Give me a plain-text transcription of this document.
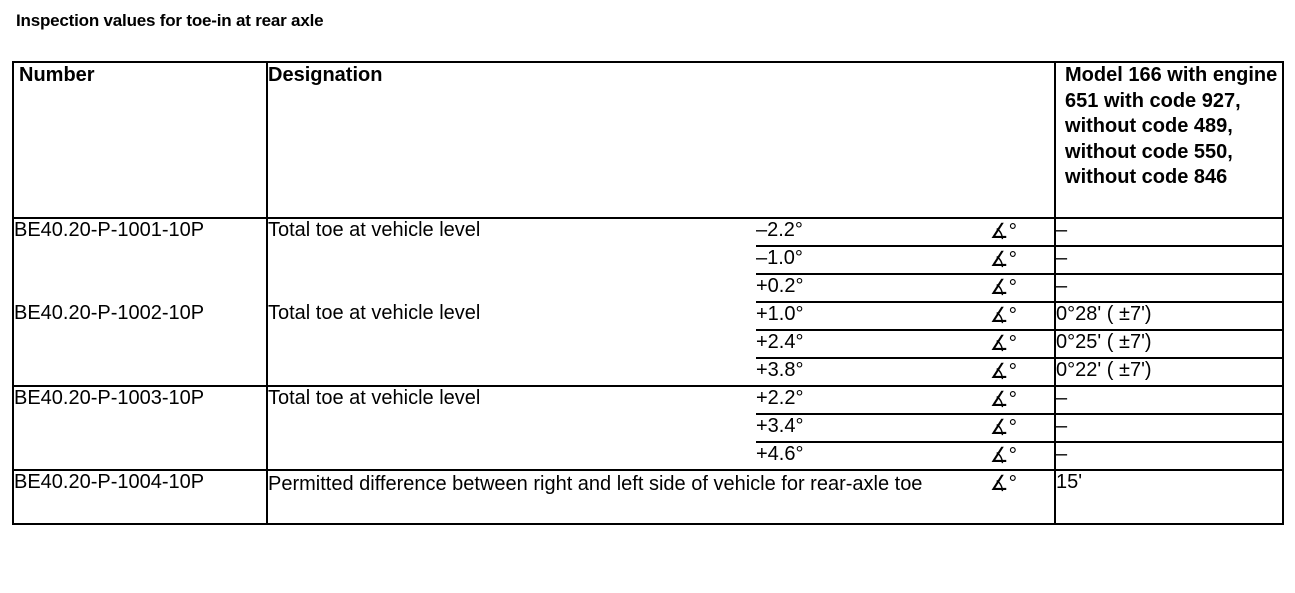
Inspection values for toe-in at rear axle
Number	Designation			Model 166 with engine 651 with code 927, without code 489, without code 550, without code 846
BE40.20-P-1001-10P	Total toe at vehicle level	–2.2°	∡°	–
		–1.0°	∡°	–
		+0.2°	∡°	–
BE40.20-P-1002-10P	Total toe at vehicle level	+1.0°	∡°	0°28' ( ±7')
		+2.4°	∡°	0°25' ( ±7')
		+3.8°	∡°	0°22' ( ±7')
BE40.20-P-1003-10P	Total toe at vehicle level	+2.2°	∡°	–
		+3.4°	∡°	–
		+4.6°	∡°	–
BE40.20-P-1004-10P	Permitted difference between right and left side of vehicle for rear-axle toe		∡°	15'
